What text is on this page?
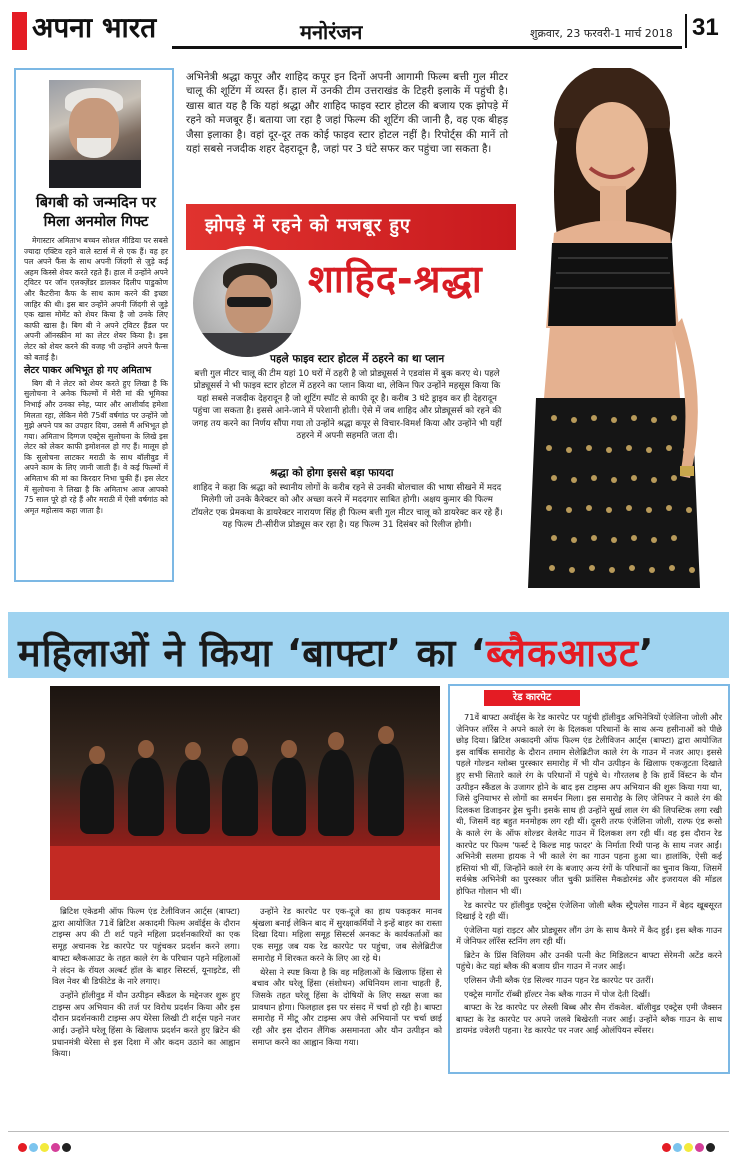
अपना भारत	मनोरंजन	शुक्रवार, 23 फरवरी-1 मार्च 2018 31
बिगबी को जन्मदिन पर मिला अनमोल गिफ्ट

मेगास्टार अमिताभ बच्चन सोशल मीडिया पर सबसे ज्यादा एक्टिव रहने वाले स्टार्स में से एक हैं। वह हर पल अपने फैंस के साथ अपनी जिंदगी से जुड़े कई अहम किस्से शेयर करते रहते हैं। हाल में उन्होंने अपने ट्विटर पर जॉन एलक्ज़ेंडर डालकर दिलीप पाडुकोण और कैटरीना कैफ के साथ काम करने की इच्छा जाहिर की थी। इस बार उन्होंने अपनी जिंदगी से जुड़े एक खास मोमेंट को शेयर किया है जो उनके लिए काफी खास है। बिग बी ने अपने ट्विटर हैंडल पर अपनी ऑनस्क्रीन मां का लेटर शेयर किया है। इस लेटर को शेयर करने की वजह भी उन्होंने अपने फैन्स को बताई है।

लेटर पाकर अभिभूत हो गए अमिताभ

बिग बी ने लेटर को शेयर करते हुए लिखा है कि सुलोचना ने अनेक फिल्मों में मेरी मां की भूमिका निभाई और उनका स्नेह, प्यार और आशीर्वाद हमेशा मिलता रहा, लेकिन मेरी 75वीं वर्षगांठ पर उन्होंने जो मुझे अपने पत्र का उपहार दिया, उससे मैं अभिभूत हो गया। अमिताभ दिग्गज एक्ट्रेस सुलोचना के लिखे इस लेटर को लेकर काफी इमोशनल हो गए हैं। मालूम हो कि सुलोचना लाटकर मराठी के साथ बॉलीवुड में अपने काम के लिए जानी जाती हैं। वे कई फिल्मों में अमिताभ की मां का किरदार निभा चुकी हैं। इस लेटर में सुलोचना ने लिखा है कि अमिताभ आज आपको 75 साल पूरे हो रहे हैं और मराठी में ऐसी वर्षगांठ को अमृत महोत्सव कहा जाता है।

अभिनेत्री श्रद्धा कपूर और शाहिद कपूर इन दिनों अपनी आगामी फिल्म बत्ती गुल मीटर चालू की शूटिंग में व्यस्त हैं। हाल में उनकी टीम उत्तराखंड के टिहरी इलाके में पहुंची है। खास बात यह है कि यहां श्रद्धा और शाहिद फाइव स्टार होटल की बजाय एक झोपड़े में रहने को मजबूर हैं। बताया जा रहा है जहां फिल्म की शूटिंग की जानी है, वह एक बीहड़ जैसा इलाका है। वहां दूर-दूर तक कोई फाइव स्टार होटल नहीं है। रिपोर्ट्स की मानें तो यहां सबसे नजदीक शहर देहरादून है, जहां पर 3 घंटे सफर कर पहुंचा जा सकता है।
झोपड़े में रहने को मजबूर हुए
शाहिद-श्रद्धा
पहले फाइव स्टार होटल में ठहरने का था प्लान
बत्ती गुल मीटर चालू की टीम यहां 10 घरों में ठहरी है जो प्रोड्यूसर्स ने एडवांस में बुक करए थे। पहले प्रोड्यूसर्स ने भी फाइव स्टार होटल में ठहरने का प्लान किया था, लेकिन फिर उन्होंने महसूस किया कि यहां सबसे नजदीक देहरादून है जो शूटिंग स्पॉट से काफी दूर है। करीब 3 घंटे ड्राइव कर ही देहरादून पहुंचा जा सकता है। इससे आने-जाने में परेशानी होती। ऐसे में जब शाहिद और प्रोड्यूसर्स को रहने की जगह तय करने का निर्णय सौंपा गया तो उन्होंने श्रद्धा कपूर से विचार-विमर्श किया और उन्होंने भी यहीं ठहरने में अपनी सहमति जता दी।
श्रद्धा को होगा इससे बड़ा फायदा
शाहिद ने कहा कि श्रद्धा को स्थानीय लोगों के करीब रहने से उनकी बोलचाल की भाषा सीखने में मदद मिलेगी जो उनके कैरेक्टर को और अच्छा करने में मददगार साबित होगी। अक्षय कुमार की फिल्म टॉयलेट एक प्रेमकथा के डायरेक्टर नारायण सिंह ही फिल्म बत्ती गुल मीटर चालू को डायरेक्ट कर रहे हैं। यह फिल्म टी-सीरीज प्रोड्यूस कर रहा है। यह फिल्म 31 दिसंबर को रिलीज होगी।
महिलाओं ने किया ‘बाफ्टा’ का ‘ब्लैकआउट’
रेड कारपेट

71वें बाफ्टा अवॉर्ड्स के रेड कारपेट पर पहुंची हॉलीवुड अभिनेत्रियों एंजेलिना जोली और जेनिफर लॉरेंस ने अपने काले रंग के दिलकश परिधानों के साथ अन्य हसीनाओं को पीछे छोड़ दिया। ब्रिटिश अकादमी ऑफ फिल्म एंड टेलीविजन आर्ट्स (बाफ्टा) द्वारा आयोजित इस वार्षिक समारोह के दौरान तमाम सेलेब्रिटीज काले रंग के गाउन में नजर आए। इससे पहले गोल्डन ग्लोब्स पुरस्कार समारोह में भी यौन उत्पीड़न के खिलाफ एकजुटता दिखाते हुए सभी सितारे काले रंग के परिधानों में पहुंचे थे। गौरतलब है कि हार्वे विंस्टन के यौन उत्पीड़न स्कैंडल के उजागर होने के बाद इस टाइम्स अप अभियान की शुरू किया गया था, जिसे दुनियाभर से लोगों का समर्थन मिला। इस समारोह के लिए जेनिफर ने काले रंग की दिलकश डिजाइनर ड्रेस चुनी। इसके साथ ही उन्होंने सुर्ख लाल रंग की लिपस्टिक लगा रखी थी, जिसमें वह बहुत मनमोहक लग रही थीं। दूसरी तरफ एंजेलिना जोली, राल्फ एंड रूसो के काले रंग के ऑफ शोल्डर वेलवेट गाउन में दिलकश लग रही थीं। वह इस दौरान रेड कारपेट पर फिल्म 'फर्स्ट दे किल्ड माइ फादर' के निर्माता रिथी पान्ह के साथ नजर आईं। अभिनेत्री सलमा हायक ने भी काले रंग का गाउन पहना हुआ था। हालांकि, ऐसी कई हस्तियां भी थीं, जिन्होंने काले रंग के बजाए अन्य रंगों के परिधानों का चुनाव किया, जिसमें सर्वश्रेष्ठ अभिनेत्री का पुरस्कार जीत चुकी फ्रांसिस मैकडोरमंड और इजरायल की मॉडल होफित गोलान भी थीं।

रेड कारपेट पर हॉलीवुड एक्ट्रेस एंजेलिना जोली ब्लैक स्ट्रैपलेस गाउन में बेहद खूबसूरत दिखाई दे रही थीं।

एंजेलिना यहां राइटर और प्रोड्यूसर लौंग उंग के साथ कैमरे में कैद हुईं। इस ब्लैक गाउन में जेनिफर लॉरेंस स्टनिंग लग रही थीं।

ब्रिटेन के प्रिंस विलियम और उनकी पत्नी केट मिडिलटन बाफ्टा सेरेमनी अटेंड करने पहुंचे। केट यहां ब्लैक की बजाय ग्रीन गाउन में नजर आईं।

एलिसन जैनी ब्लैक एंड सिल्वर गाउन पहन रेड कारपेट पर उतरीं।

एक्ट्रेस मार्गोट रॉब्बी हॉल्टर नेक ब्लैक गाउन में पोज देती दिखीं।

बाफ्टा के रेड कारपेट पर लेस्ली बिब्ब और सैम रॉकवेल. बॉलीवुड एक्ट्रेस एमी जैक्सन बाफ्टा के रेड कारपेट पर अपने जलवे बिखेरती नजर आईं। उन्होंने ब्लैक गाउन के साथ डायमंड ज्वेलरी पहना। रेड कारपेट पर नजर आईं ओलंपियन स्पेंसर।

ब्रिटिश एकेडमी ऑफ फिल्म एंड टेलीविजन आर्ट्स (बाफ्टा) द्वारा आयोजित 71वें ब्रिटिश अकादमी फिल्म अवॉर्ड्स के दौरान टाइम्स अप की टी शर्ट पहने महिला प्रदर्शनकारियों का एक समूह अचानक रेड कारपेट पर पहुंचकर प्रदर्शन करने लगा। बाफ्टा ब्लैकआउट के तहत काले रंग के परिधान पहने महिलाओं ने लंदन के रॉयल अल्बर्ट हॉल के बाहर सिस्टर्स, यूनाइटेड, सी विल नेवर बी डिफीटेड के नारे लगाए।

उन्होंने हॉलीवुड में यौन उत्पीड़न स्कैंडल के मद्देनजर शुरू हुए टाइम्स अप अभियान की तर्ज पर विरोध प्रदर्शन किया और इस दौरान प्रदर्शनकारी टाइम्स अप थेरेसा लिखी टी शर्ट्स पहने नजर आईं। उन्होंने घरेलू हिंसा के खिलाफ प्रदर्शन करते हुए ब्रिटेन की प्रधानमंत्री थेरेसा से इस दिशा में और कदम उठाने का आह्वान किया।

उन्होंने रेड कारपेट पर एक-दूजे का हाथ पकड़कर मानव श्रृंखला बनाई लेकिन बाद में सुरक्षाकर्मियों ने इन्हें बाहर का रास्ता दिखा दिया। महिला समूह सिस्टर्स अनकट के कार्यकर्ताओं का एक समूह जब यक रेड कारपेट पर पहुंचा, जब सेलेब्रिटीज समारोह में शिरकत करने के लिए आ रहे थे।

थेरेसा ने स्पष्ट किया है कि वह महिलाओं के खिलाफ हिंसा से बचाव और घरेलू हिंसा (संशोधन) अधिनियम लाना चाहती हैं, जिसके तहत घरेलू हिंसा के दोषियों के लिए सख्त सजा का प्रावधान होगा। फिलहाल इस पर संसद में चर्चा हो रही है। बाफ्टा समारोह में मीटू और टाइम्स अप जैसे अभियानों पर चर्चा छाई रही और इस दौरान लैंगिक असमानता और यौन उत्पीड़न को समाप्त करने का आह्वान किया गया।
